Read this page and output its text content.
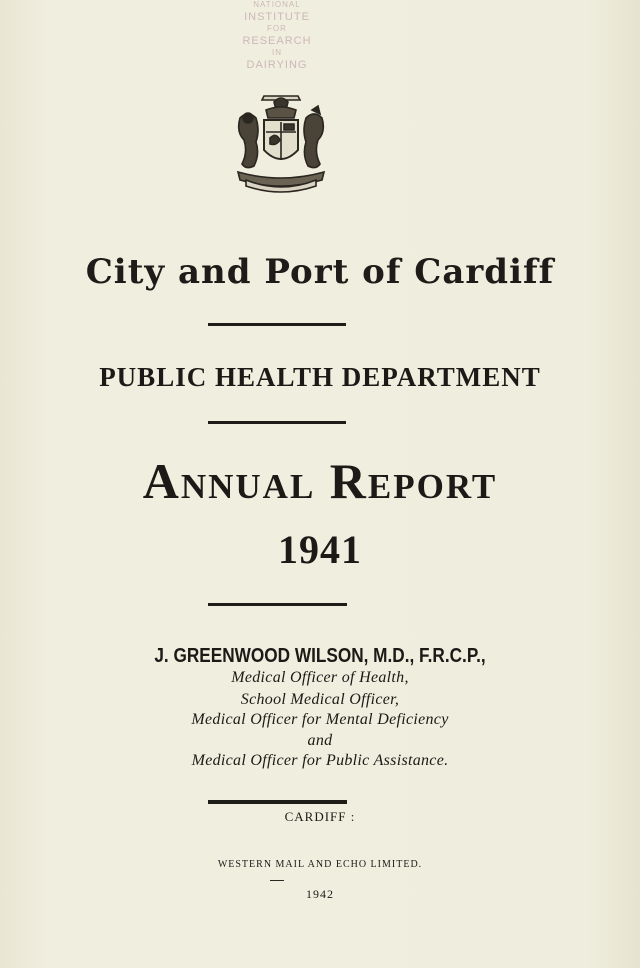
NATIONAL
INSTITUTE
FOR
RESEARCH
IN
DAIRYING
City and Port of Cardiff
PUBLIC HEALTH DEPARTMENT
Annual Report
1941
J. GREENWOOD WILSON, M.D., F.R.C.P.,
Medical Officer of Health,
School Medical Officer,
Medical Officer for Mental Deficiency
and
Medical Officer for Public Assistance.
CARDIFF :
WESTERN MAIL AND ECHO LIMITED.
1942
